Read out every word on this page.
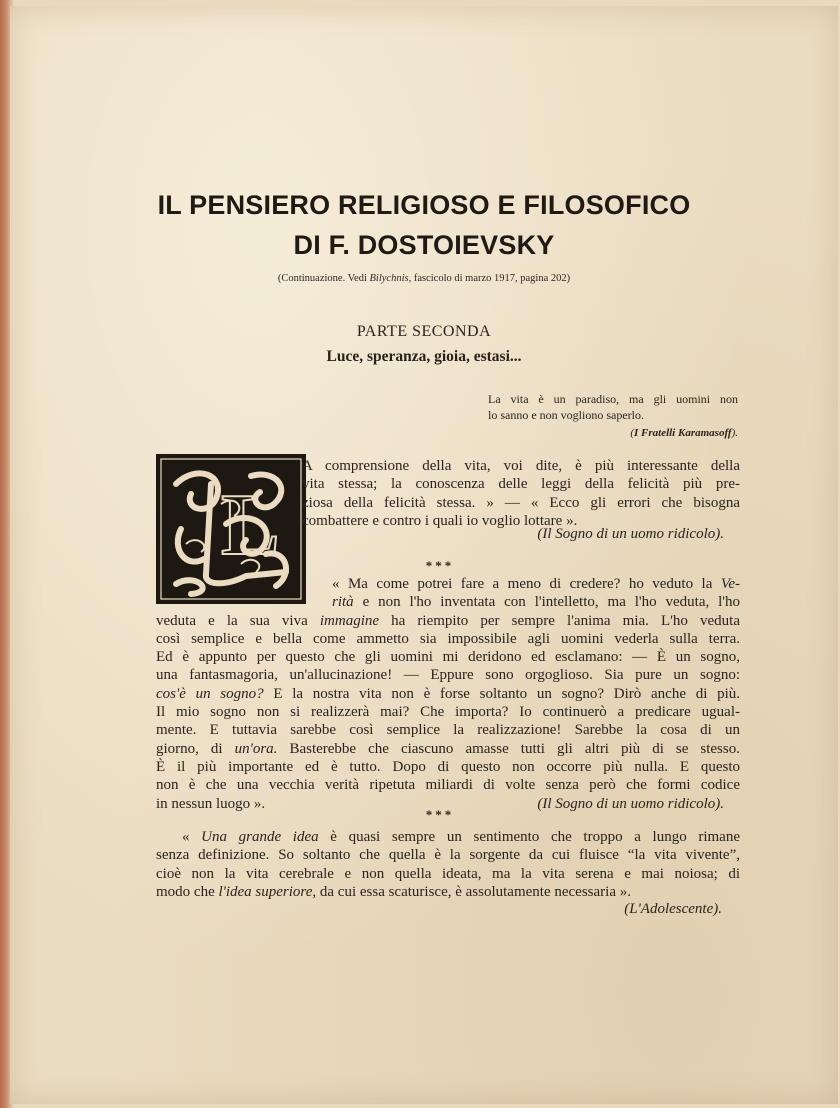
IL PENSIERO RELIGIOSO E FILOSOFICO
DI F. DOSTOIEVSKY
(Continuazione. Vedi Bilychnis, fascicolo di marzo 1917, pagina 202)
PARTE SECONDA
Luce, speranza, gioia, estasi...
La vita è un paradiso, ma gli uomini non
lo sanno e non vogliono saperlo.
(I Fratelli Karamasoff).
L
A comprensione della vita, voi dite, è più interessante della
vita stessa; la conoscenza delle leggi della felicità più pre-
ziosa della felicità stessa. » — « Ecco gli errori che bisogna
combattere e contro i quali io voglio lottare ».
(Il Sogno di un uomo ridicolo).
***
« Ma come potrei fare a meno di credere? ho veduto la Ve-
rità e non l'ho inventata con l'intelletto, ma l'ho veduta, l'ho
veduta e la sua viva immagine ha riempito per sempre l'anima mia. L'ho veduta
così semplice e bella come ammetto sia impossibile agli uomini vederla sulla terra.
Ed è appunto per questo che gli uomini mi deridono ed esclamano: — È un sogno,
una fantasmagoria, un'allucinazione! — Eppure sono orgoglioso. Sia pure un sogno:
cos'è un sogno? E la nostra vita non è forse soltanto un sogno? Dirò anche di più.
Il mio sogno non si realizzerà mai? Che importa? Io continuerò a predicare ugual-
mente. E tuttavia sarebbe così semplice la realizzazione! Sarebbe la cosa di un
giorno, di un'ora. Basterebbe che ciascuno amasse tutti gli altri più di se stesso.
È il più importante ed è tutto. Dopo di questo non occorre più nulla. E questo
non è che una vecchia verità ripetuta miliardi di volte senza però che formi codice
in nessun luogo ».	(Il Sogno di un uomo ridicolo).
***
« Una grande idea è quasi sempre un sentimento che troppo a lungo rimane
senza definizione. So soltanto che quella è la sorgente da cui fluisce “la vita vivente”,
cioè non la vita cerebrale e non quella ideata, ma la vita serena e mai noiosa; di
modo che l'idea superiore, da cui essa scaturisce, è assolutamente necessaria ».
(L'Adolescente).
